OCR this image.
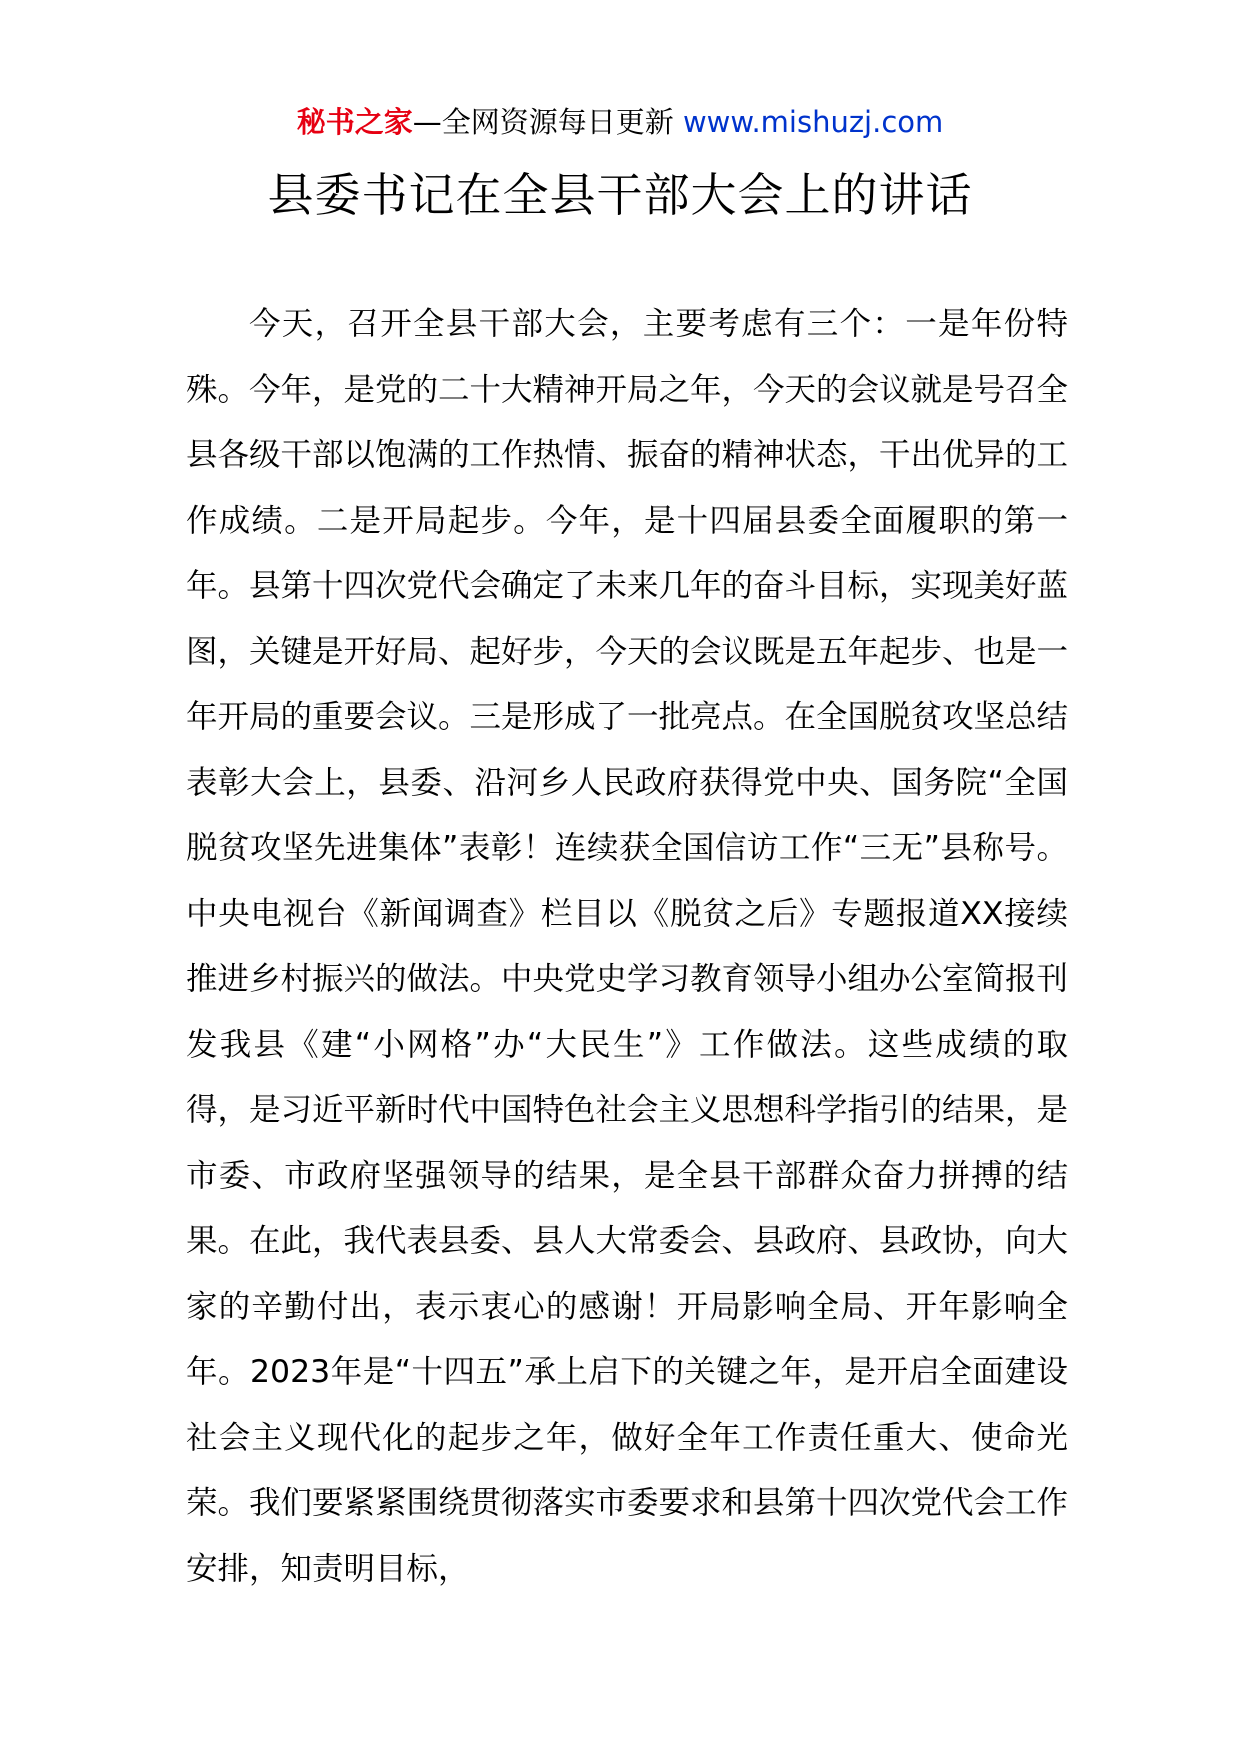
秘书之家—全网资源每日更新 www.mishuzj.com
县委书记在全县干部大会上的讲话

今天，召开全县干部大会，主要考虑有三个：一是年份特殊。今年，是党的二十大精神开局之年，今天的会议就是号召全县各级干部以饱满的工作热情、振奋的精神状态，干出优异的工作成绩。二是开局起步。今年，是十四届县委全面履职的第一年。县第十四次党代会确定了未来几年的奋斗目标，实现美好蓝图，关键是开好局、起好步，今天的会议既是五年起步、也是一年开局的重要会议。三是形成了一批亮点。在全国脱贫攻坚总结表彰大会上，县委、沿河乡人民政府获得党中央、国务院“全国脱贫攻坚先进集体”表彰！连续获全国信访工作“三无”县称号。中央电视台《新闻调查》栏目以《脱贫之后》专题报道XX接续推进乡村振兴的做法。中央党史学习教育领导小组办公室简报刊发我县《建“小网格”办“大民生”》工作做法。这些成绩的取得，是习近平新时代中国特色社会主义思想科学指引的结果，是市委、市政府坚强领导的结果，是全县干部群众奋力拼搏的结果。在此，我代表县委、县人大常委会、县政府、县政协，向大家的辛勤付出，表示衷心的感谢！开局影响全局、开年影响全年。2023年是“十四五”承上启下的关键之年，是开启全面建设社会主义现代化的起步之年，做好全年工作责任重大、使命光荣。我们要紧紧围绕贯彻落实市委要求和县第十四次党代会工作安排，知责明目标，
